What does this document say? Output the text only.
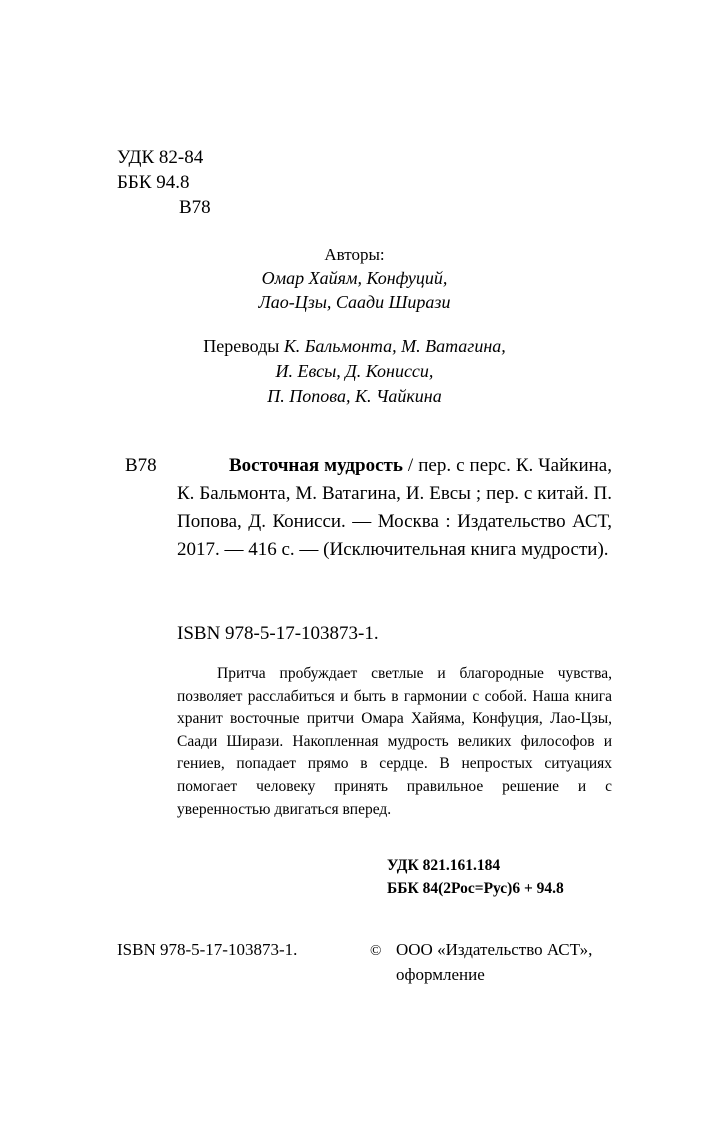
УДК 82-84
ББК 94.8
В78
Авторы:
Омар Хайям, Конфуций,
Лао-Цзы, Саади Ширази
Переводы К. Бальмонта, М. Ватагина,
И. Евсы, Д. Конисси,
П. Попова, К. Чайкина
В78	Восточная мудрость / пер. с перс. К. Чайкина, К. Бальмонта, М. Ватагина, И. Евсы ; пер. с китай. П. Попова, Д. Конисси. — Москва : Издательство АСТ, 2017. — 416 с. — (Исключительная книга мудрости).
ISBN 978-5-17-103873-1.
Притча пробуждает светлые и благородные чувства, позволяет расслабиться и быть в гармонии с собой. Наша книга хранит восточные притчи Омара Хайяма, Конфуция, Лао-Цзы, Саади Ширази. Накопленная мудрость великих философов и гениев, попадает прямо в сердце. В непростых ситуациях помогает человеку принять правильное решение и с уверенностью двигаться вперед.
УДК 821.161.184
ББК 84(2Рос=Рус)6 + 94.8
ISBN 978-5-17-103873-1.	© ООО «Издательство АСТ»,
оформление
